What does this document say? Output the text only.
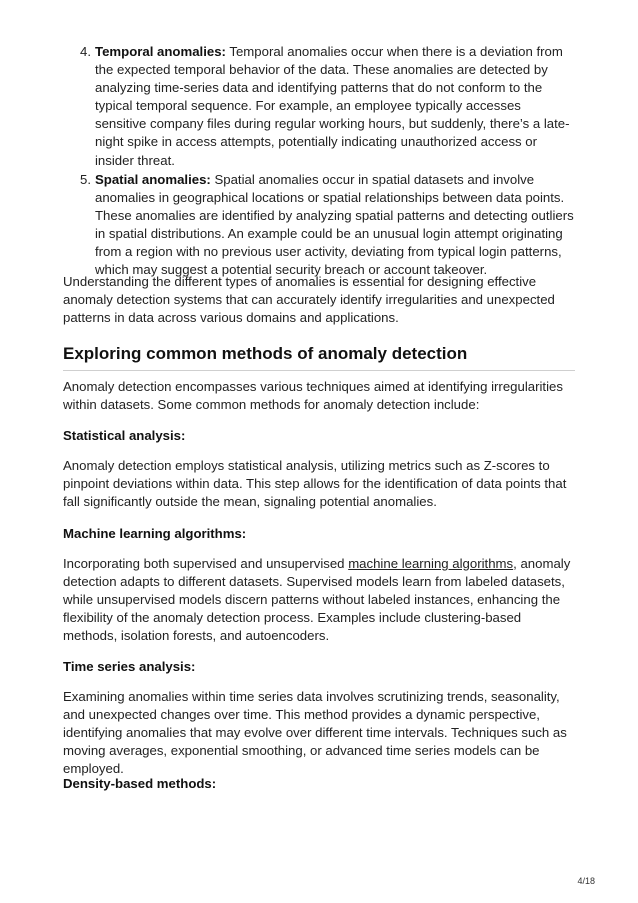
4. Temporal anomalies: Temporal anomalies occur when there is a deviation from the expected temporal behavior of the data. These anomalies are detected by analyzing time-series data and identifying patterns that do not conform to the typical temporal sequence. For example, an employee typically accesses sensitive company files during regular working hours, but suddenly, there’s a late-night spike in access attempts, potentially indicating unauthorized access or insider threat.
5. Spatial anomalies: Spatial anomalies occur in spatial datasets and involve anomalies in geographical locations or spatial relationships between data points. These anomalies are identified by analyzing spatial patterns and detecting outliers in spatial distributions. An example could be an unusual login attempt originating from a region with no previous user activity, deviating from typical login patterns, which may suggest a potential security breach or account takeover.

Understanding the different types of anomalies is essential for designing effective anomaly detection systems that can accurately identify irregularities and unexpected patterns in data across various domains and applications.

Exploring common methods of anomaly detection

Anomaly detection encompasses various techniques aimed at identifying irregularities within datasets. Some common methods for anomaly detection include:

Statistical analysis:

Anomaly detection employs statistical analysis, utilizing metrics such as Z-scores to pinpoint deviations within data. This step allows for the identification of data points that fall significantly outside the mean, signaling potential anomalies.

Machine learning algorithms:

Incorporating both supervised and unsupervised machine learning algorithms, anomaly detection adapts to different datasets. Supervised models learn from labeled datasets, while unsupervised models discern patterns without labeled instances, enhancing the flexibility of the anomaly detection process. Examples include clustering-based methods, isolation forests, and autoencoders.

Time series analysis:

Examining anomalies within time series data involves scrutinizing trends, seasonality, and unexpected changes over time. This method provides a dynamic perspective, identifying anomalies that may evolve over different time intervals. Techniques such as moving averages, exponential smoothing, or advanced time series models can be employed.

Density-based methods:
4/18
